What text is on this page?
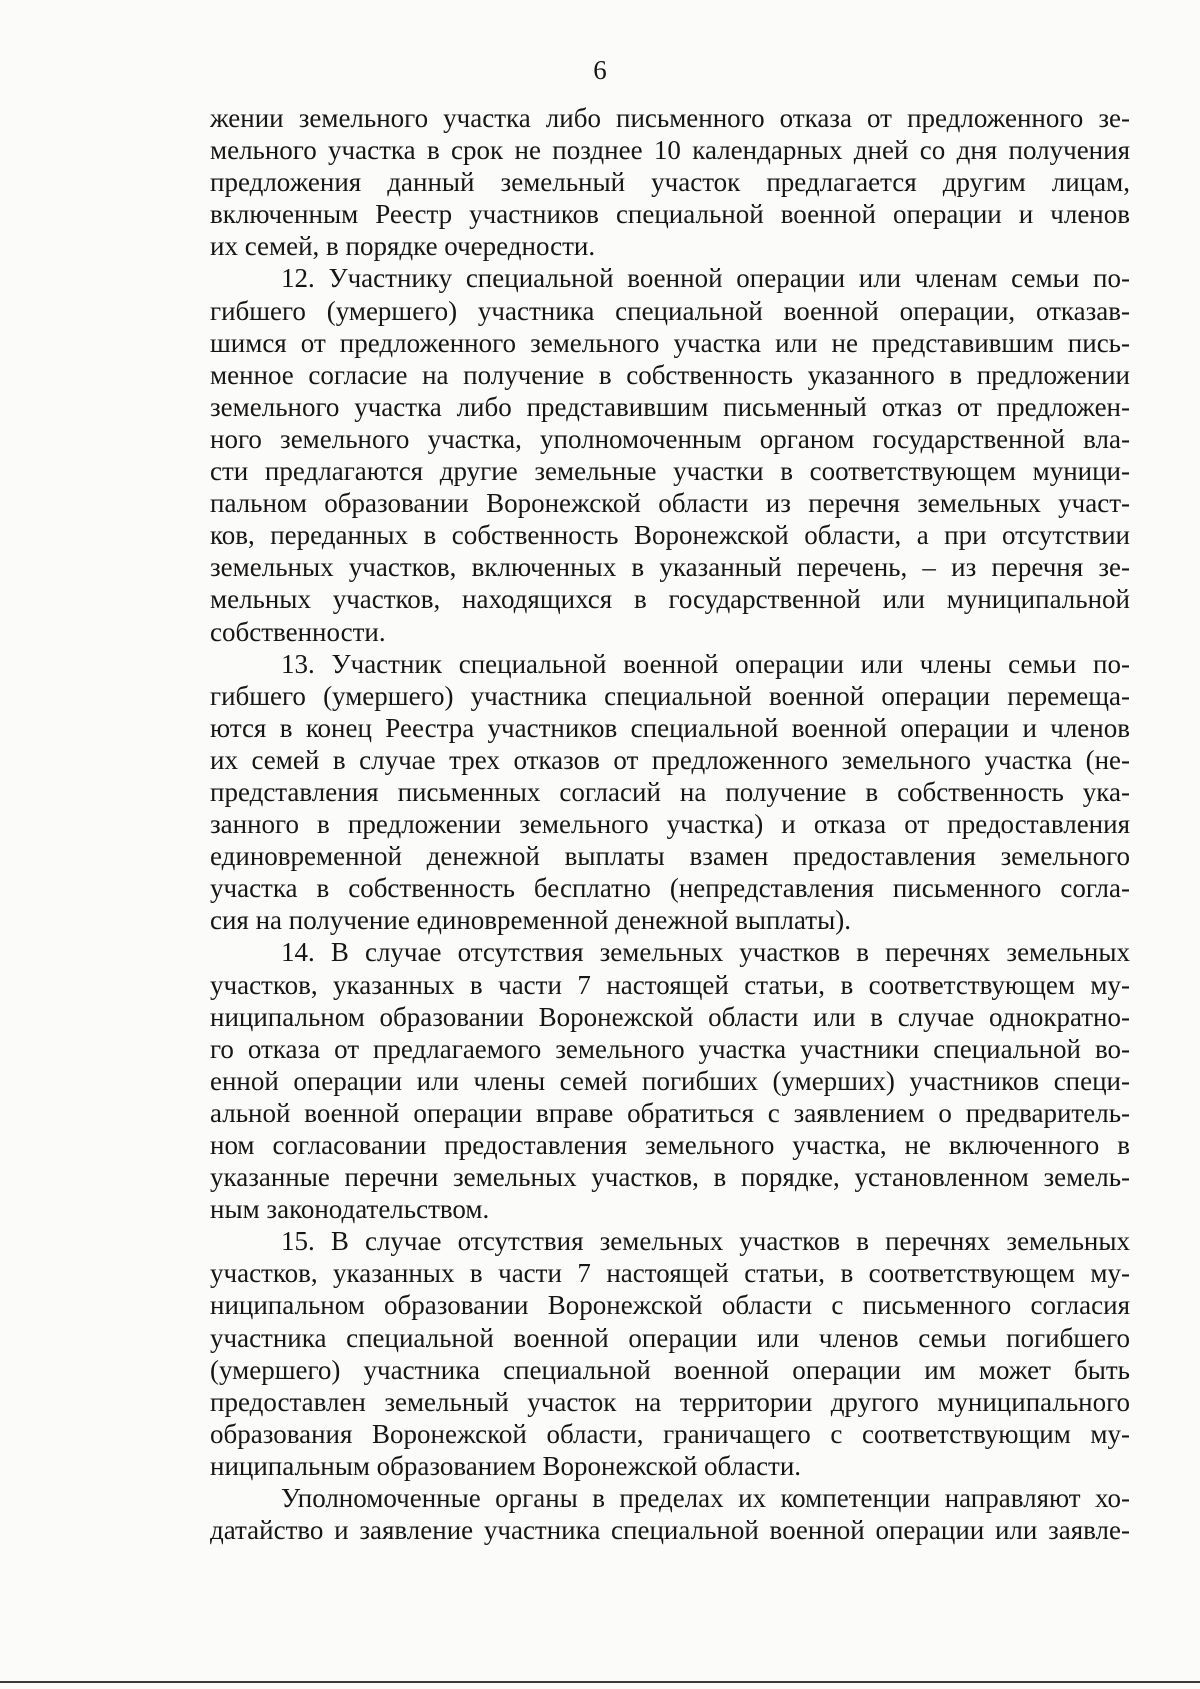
6
жении земельного участка либо письменного отказа от предложенного зе-
мельного участка в срок не позднее 10 календарных дней со дня получения
предложения данный земельный участок предлагается другим лицам,
включенным Реестр участников специальной военной операции и членов
их семей, в порядке очередности.
12. Участнику специальной военной операции или членам семьи по-
гибшего (умершего) участника специальной военной операции, отказав-
шимся от предложенного земельного участка или не представившим пись-
менное согласие на получение в собственность указанного в предложении
земельного участка либо представившим письменный отказ от предложен-
ного земельного участка, уполномоченным органом государственной вла-
сти предлагаются другие земельные участки в соответствующем муници-
пальном образовании Воронежской области из перечня земельных участ-
ков, переданных в собственность Воронежской области, а при отсутствии
земельных участков, включенных в указанный перечень, – из перечня зе-
мельных участков, находящихся в государственной или муниципальной
собственности.
13. Участник специальной военной операции или члены семьи по-
гибшего (умершего) участника специальной военной операции перемеща-
ются в конец Реестра участников специальной военной операции и членов
их семей в случае трех отказов от предложенного земельного участка (не-
представления письменных согласий на получение в собственность ука-
занного в предложении земельного участка) и отказа от предоставления
единовременной денежной выплаты взамен предоставления земельного
участка в собственность бесплатно (непредставления письменного согла-
сия на получение единовременной денежной выплаты).
14. В случае отсутствия земельных участков в перечнях земельных
участков, указанных в части 7 настоящей статьи, в соответствующем му-
ниципальном образовании Воронежской области или в случае однократно-
го отказа от предлагаемого земельного участка участники специальной во-
енной операции или члены семей погибших (умерших) участников специ-
альной военной операции вправе обратиться с заявлением о предваритель-
ном согласовании предоставления земельного участка, не включенного в
указанные перечни земельных участков, в порядке, установленном земель-
ным законодательством.
15. В случае отсутствия земельных участков в перечнях земельных
участков, указанных в части 7 настоящей статьи, в соответствующем му-
ниципальном образовании Воронежской области с письменного согласия
участника специальной военной операции или членов семьи погибшего
(умершего) участника специальной военной операции им может быть
предоставлен земельный участок на территории другого муниципального
образования Воронежской области, граничащего с соответствующим му-
ниципальным образованием Воронежской области.
Уполномоченные органы в пределах их компетенции направляют хо-
датайство и заявление участника специальной военной операции или заявле-
